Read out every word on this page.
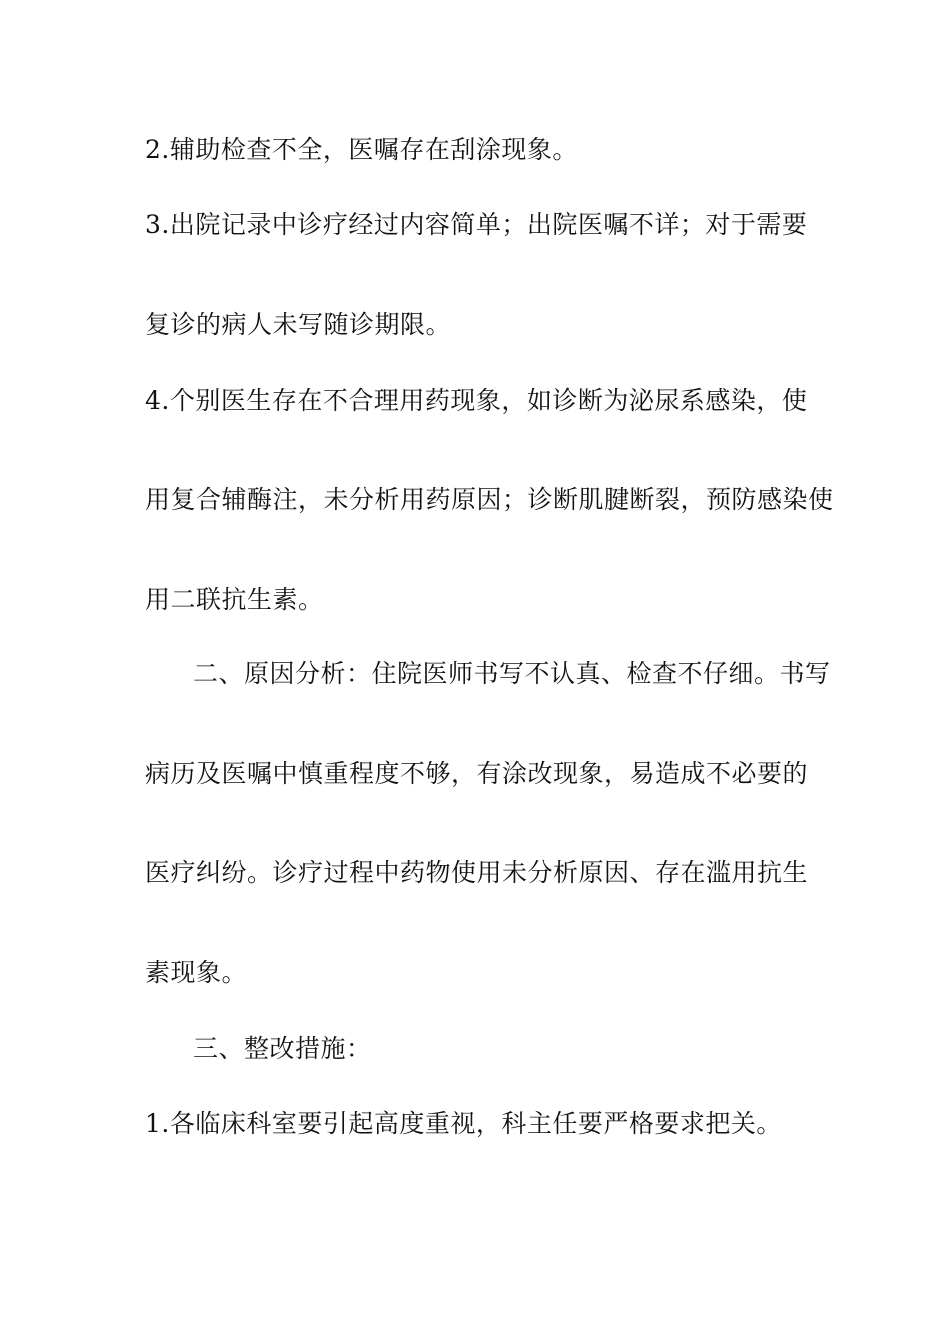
2.辅助检查不全，医嘱存在刮涂现象。
3.出院记录中诊疗经过内容简单；出院医嘱不详；对于需要
复诊的病人未写随诊期限。
4.个别医生存在不合理用药现象，如诊断为泌尿系感染，使
用复合辅酶注，未分析用药原因；诊断肌腱断裂，预防感染使
用二联抗生素。
二、原因分析：住院医师书写不认真、检查不仔细。书写
病历及医嘱中慎重程度不够，有涂改现象，易造成不必要的
医疗纠纷。诊疗过程中药物使用未分析原因、存在滥用抗生
素现象。
三、整改措施：
1.各临床科室要引起高度重视，科主任要严格要求把关。
